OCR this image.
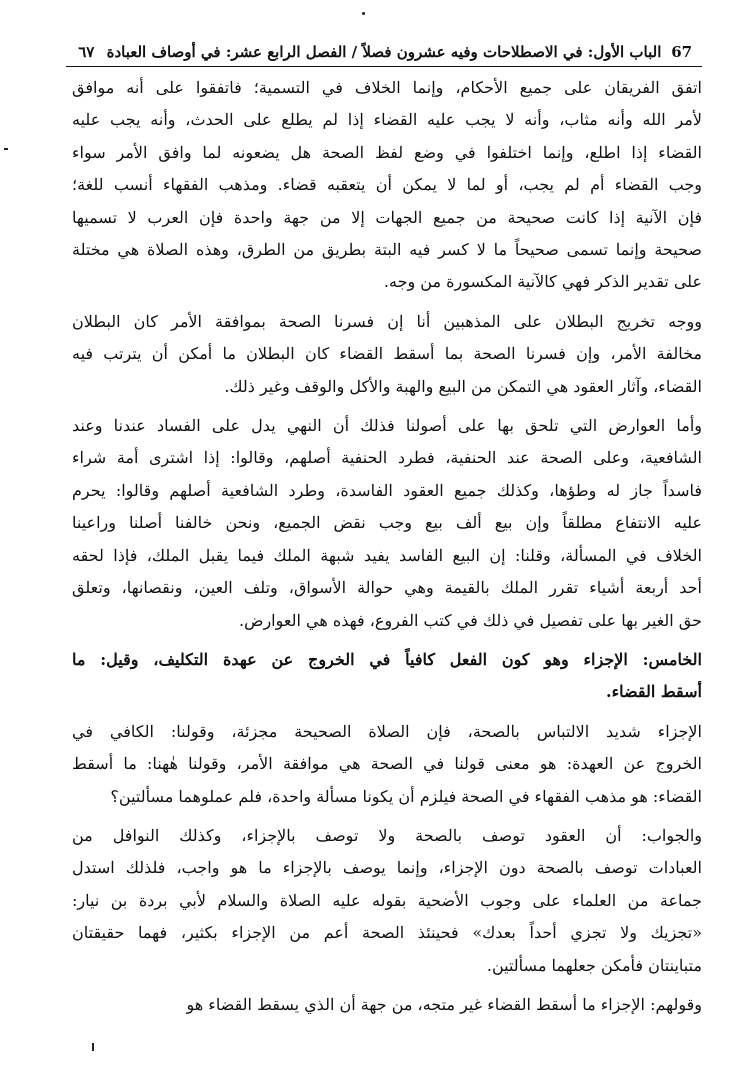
67
الباب الأول: في الاصطلاحات وفيه عشرون فصلاً / الفصل الرابع عشر: في أوصاف العبادة
٦٧
اتفق الفريقان على جميع الأحكام، وإنما الخلاف في التسمية؛ فاتفقوا على أنه موافق
لأمر الله وأنه مثاب، وأنه لا يجب عليه القضاء إذا لم يطلع على الحدث، وأنه يجب عليه
القضاء إذا اطلع، وإنما اختلفوا في وضع لفظ الصحة هل يضعونه لما وافق الأمر سواء
وجب القضاء أم لم يجب، أو لما لا يمكن أن يتعقبه قضاء. ومذهب الفقهاء أنسب للغة؛
فإن الآنية إذا كانت صحيحة من جميع الجهات إلا من جهة واحدة فإن العرب لا تسميها
صحيحة وإنما تسمى صحيحاً ما لا كسر فيه البتة بطريق من الطرق، وهذه الصلاة هي مختلة
على تقدير الذكر فهي كالآنية المكسورة من وجه.
ووجه تخريج البطلان على المذهبين أنا إن فسرنا الصحة بموافقة الأمر كان البطلان
مخالفة الأمر، وإن فسرنا الصحة بما أسقط القضاء كان البطلان ما أمكن أن يترتب فيه
القضاء، وآثار العقود هي التمكن من البيع والهبة والأكل والوقف وغير ذلك.
وأما العوارض التي تلحق بها على أصولنا فذلك أن النهي يدل على الفساد عندنا وعند
الشافعية، وعلى الصحة عند الحنفية، فطرد الحنفية أصلهم، وقالوا: إذا اشترى أمة شراء
فاسداً جاز له وطؤها، وكذلك جميع العقود الفاسدة، وطرد الشافعية أصلهم وقالوا: يحرم
عليه الانتفاع مطلقاً وإن بيع ألف بيع وجب نقض الجميع، ونحن خالفنا أصلنا وراعينا
الخلاف في المسألة، وقلنا: إن البيع الفاسد يفيد شبهة الملك فيما يقبل الملك، فإذا لحقه
أحد أربعة أشياء تقرر الملك بالقيمة وهي حوالة الأسواق، وتلف العين، ونقصانها، وتعلق
حق الغير بها على تفصيل في ذلك في كتب الفروع، فهذه هي العوارض.
الخامس: الإجزاء وهو كون الفعل كافياً في الخروج عن عهدة التكليف، وقيل: ما
أسقط القضاء.
الإجزاء شديد الالتباس بالصحة، فإن الصلاة الصحيحة مجزئة، وقولنا: الكافي في
الخروج عن العهدة: هو معنى قولنا في الصحة هي موافقة الأمر، وقولنا هٰهنا: ما أسقط
القضاء: هو مذهب الفقهاء في الصحة فيلزم أن يكونا مسألة واحدة، فلم عملوهما مسألتين؟
والجواب: أن العقود توصف بالصحة ولا توصف بالإجزاء، وكذلك النوافل من
العبادات توصف بالصحة دون الإجزاء، وإنما يوصف بالإجزاء ما هو واجب، فلذلك استدل
جماعة من العلماء على وجوب الأضحية بقوله عليه الصلاة والسلام لأبي بردة بن نيار:
«تجزيك ولا تجزي أحداً بعدك» فحينئذ الصحة أعم من الإجزاء بكثير، فهما حقيقتان
متباينتان فأمكن جعلهما مسألتين.
وقولهم: الإجزاء ما أسقط القضاء غير متجه، من جهة أن الذي يسقط القضاء هو
